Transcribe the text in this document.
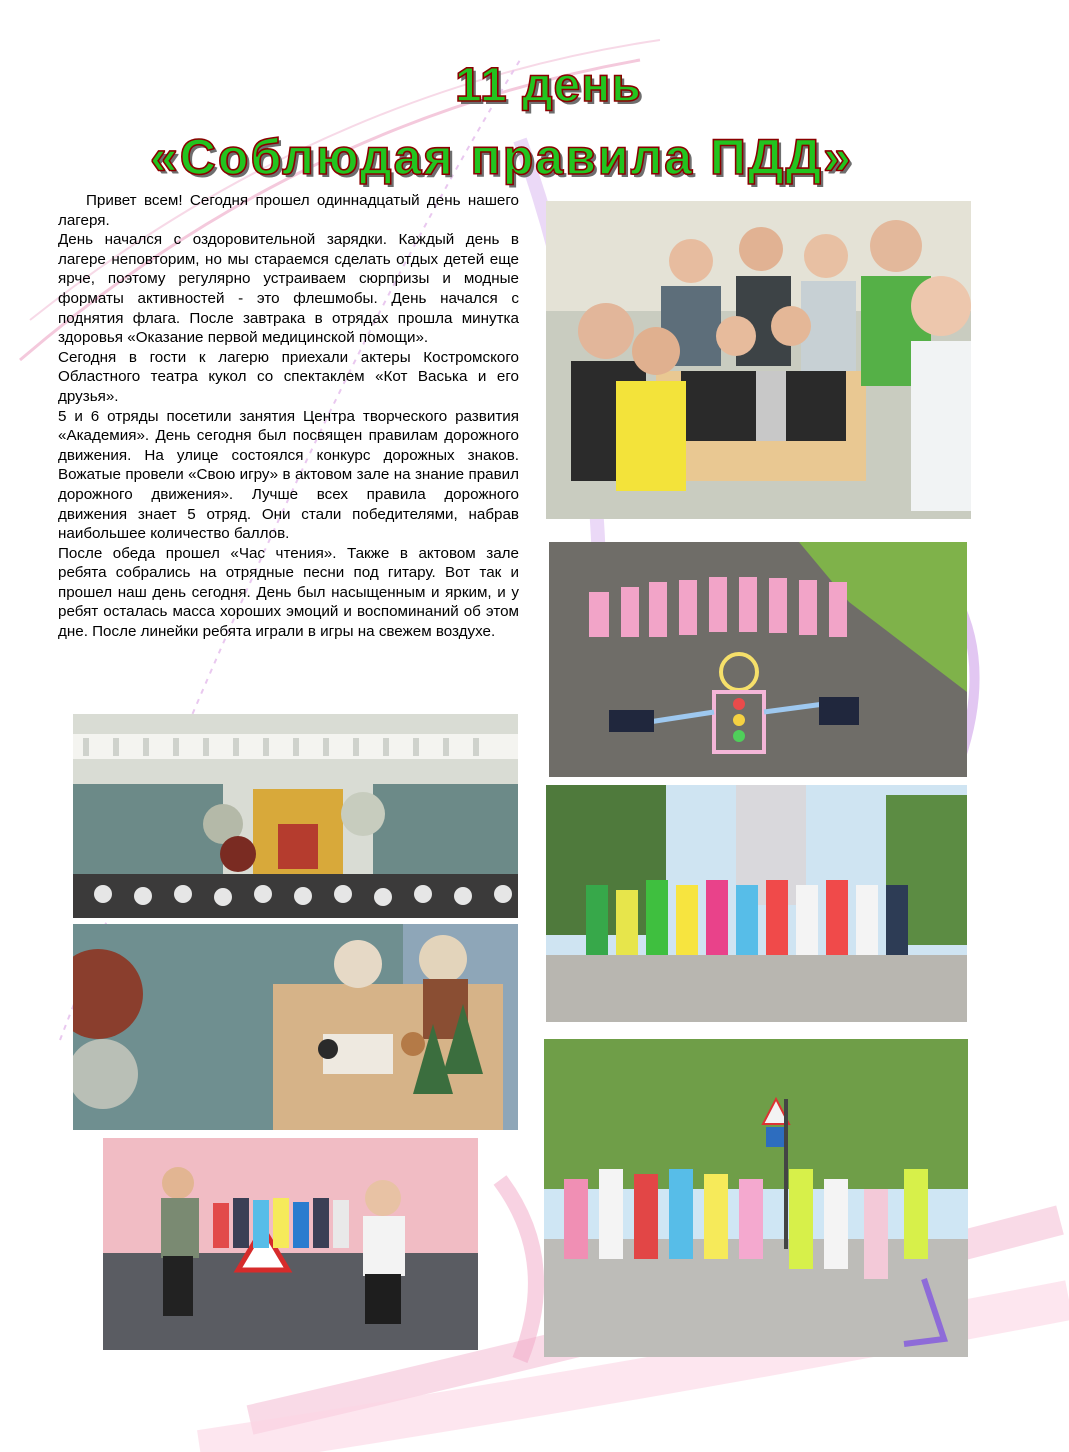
11 день
«Соблюдая правила ПДД»

Привет всем! Сегодня прошел одиннадцатый день нашего лагеря.

День начался с оздоровительной зарядки. Каждый день в лагере неповторим, но мы стараемся сделать отдых детей еще ярче, поэтому регулярно устраиваем сюрпризы и модные форматы активностей - это флешмобы. День начался с поднятия флага. После завтрака в отрядах прошла минутка здоровья «Оказание первой медицинской помощи».

Сегодня в гости к лагерю приехали актеры Костромского Областного театра кукол со спектаклем «Кот Васька и его друзья».

5 и 6 отряды посетили занятия Центра творческого развития «Академия». День сегодня был посвящен правилам дорожного движения. На улице состоялся конкурс дорожных знаков. Вожатые провели «Свою игру» в актовом зале на знание правил дорожного движения». Лучше всех правила дорожного движения знает 5 отряд. Они стали победителями, набрав наибольшее количество баллов.

После обеда прошел «Час чтения». Также в актовом зале ребята собрались на отрядные песни под гитару. Вот так и прошел наш день сегодня. День был насыщенным и ярким, и у ребят осталась масса хороших эмоций и воспоминаний об этом дне. После линейки ребята играли в игры на свежем воздухе.
